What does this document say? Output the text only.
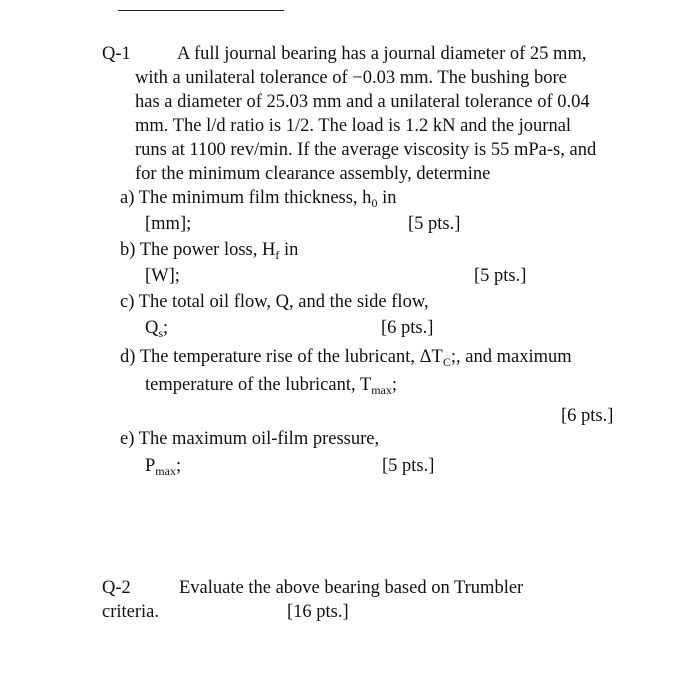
Q-1 A full journal bearing has a journal diameter of 25 mm,
with a unilateral tolerance of −0.03 mm. The bushing bore
has a diameter of 25.03 mm and a unilateral tolerance of 0.04
mm. The l/d ratio is 1/2. The load is 1.2 kN and the journal
runs at 1100 rev/min. If the average viscosity is 55 mPa-s, and
for the minimum clearance assembly, determine
a) The minimum film thickness, $h_0$ in
[mm];	[5 pts.]
b) The power loss, $H_f$ in
[W];	[5 pts.]
c) The total oil flow, Q, and the side flow,
$Q_s$;	[6 pts.]
d) The temperature rise of the lubricant, $\Delta T_C$;, and maximum
temperature of the lubricant, $T_{max}$;
[6 pts.]
e) The maximum oil-film pressure,
$P_{max}$;	[5 pts.]
Q-2	Evaluate the above bearing based on Trumbler
criteria.	[16 pts.]
